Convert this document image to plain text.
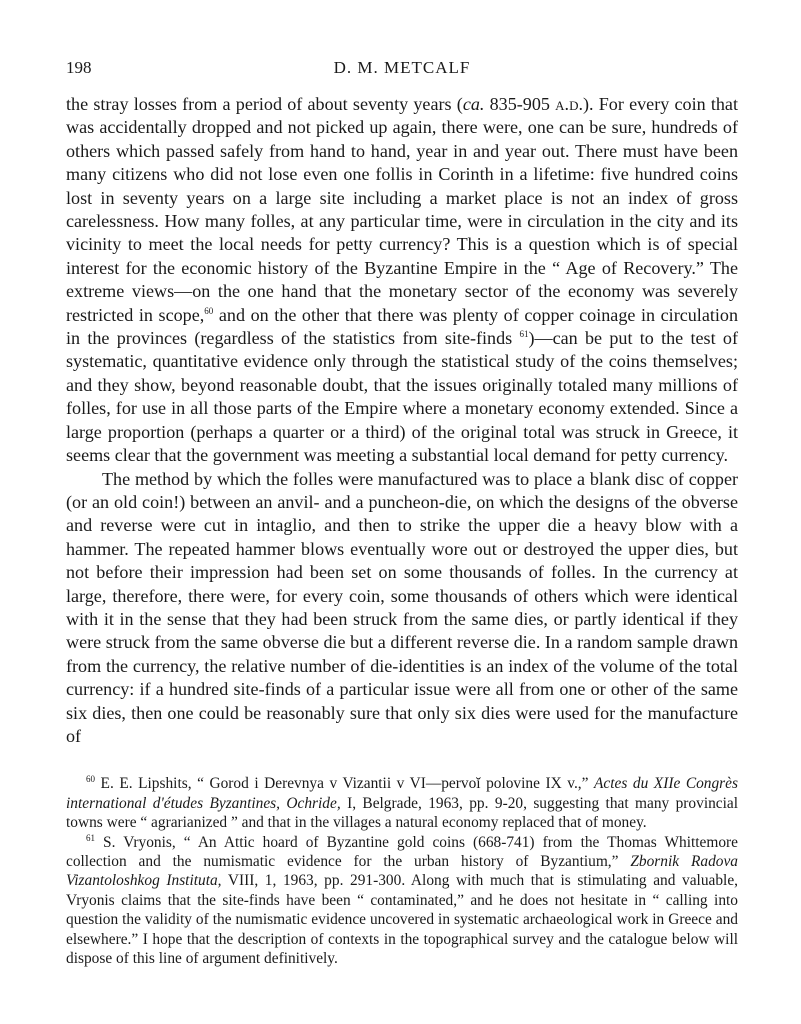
198	D. M. METCALF

the stray losses from a period of about seventy years (ca. 835-905 a.d.). For every coin that was accidentally dropped and not picked up again, there were, one can be sure, hundreds of others which passed safely from hand to hand, year in and year out. There must have been many citizens who did not lose even one follis in Corinth in a lifetime: five hundred coins lost in seventy years on a large site including a market place is not an index of gross carelessness. How many folles, at any particular time, were in circulation in the city and its vicinity to meet the local needs for petty currency? This is a question which is of special interest for the economic history of the Byzantine Empire in the “ Age of Recovery.” The extreme views—on the one hand that the monetary sector of the economy was severely restricted in scope,$^{60}$ and on the other that there was plenty of copper coinage in circulation in the provinces (regardless of the statistics from site-finds $^{61}$)—can be put to the test of systematic, quantitative evidence only through the statistical study of the coins themselves; and they show, beyond reasonable doubt, that the issues originally totaled many millions of folles, for use in all those parts of the Empire where a monetary economy extended. Since a large proportion (perhaps a quarter or a third) of the original total was struck in Greece, it seems clear that the government was meeting a substantial local demand for petty currency.

The method by which the folles were manufactured was to place a blank disc of copper (or an old coin!) between an anvil- and a puncheon-die, on which the designs of the obverse and reverse were cut in intaglio, and then to strike the upper die a heavy blow with a hammer. The repeated hammer blows eventually wore out or destroyed the upper dies, but not before their impression had been set on some thousands of folles. In the currency at large, therefore, there were, for every coin, some thousands of others which were identical with it in the sense that they had been struck from the same dies, or partly identical if they were struck from the same obverse die but a different reverse die. In a random sample drawn from the currency, the relative number of die-identities is an index of the volume of the total currency: if a hundred site-finds of a particular issue were all from one or other of the same six dies, then one could be reasonably sure that only six dies were used for the manufacture of

$^{60}$ E. E. Lipshits, “ Gorod i Derevnya v Vizantii v VI—pervoĭ polovine IX v.,” Actes du XIIe Congrès international d'études Byzantines, Ochride, I, Belgrade, 1963, pp. 9-20, suggesting that many provincial towns were “ agrarianized ” and that in the villages a natural economy replaced that of money.

$^{61}$ S. Vryonis, “ An Attic hoard of Byzantine gold coins (668-741) from the Thomas Whittemore collection and the numismatic evidence for the urban history of Byzantium,” Zbornik Radova Vizantoloshkog Instituta, VIII, 1, 1963, pp. 291-300. Along with much that is stimulating and valuable, Vryonis claims that the site-finds have been “ contaminated,” and he does not hesitate in “ calling into question the validity of the numismatic evidence uncovered in systematic archaeological work in Greece and elsewhere.” I hope that the description of contexts in the topographical survey and the catalogue below will dispose of this line of argument definitively.
